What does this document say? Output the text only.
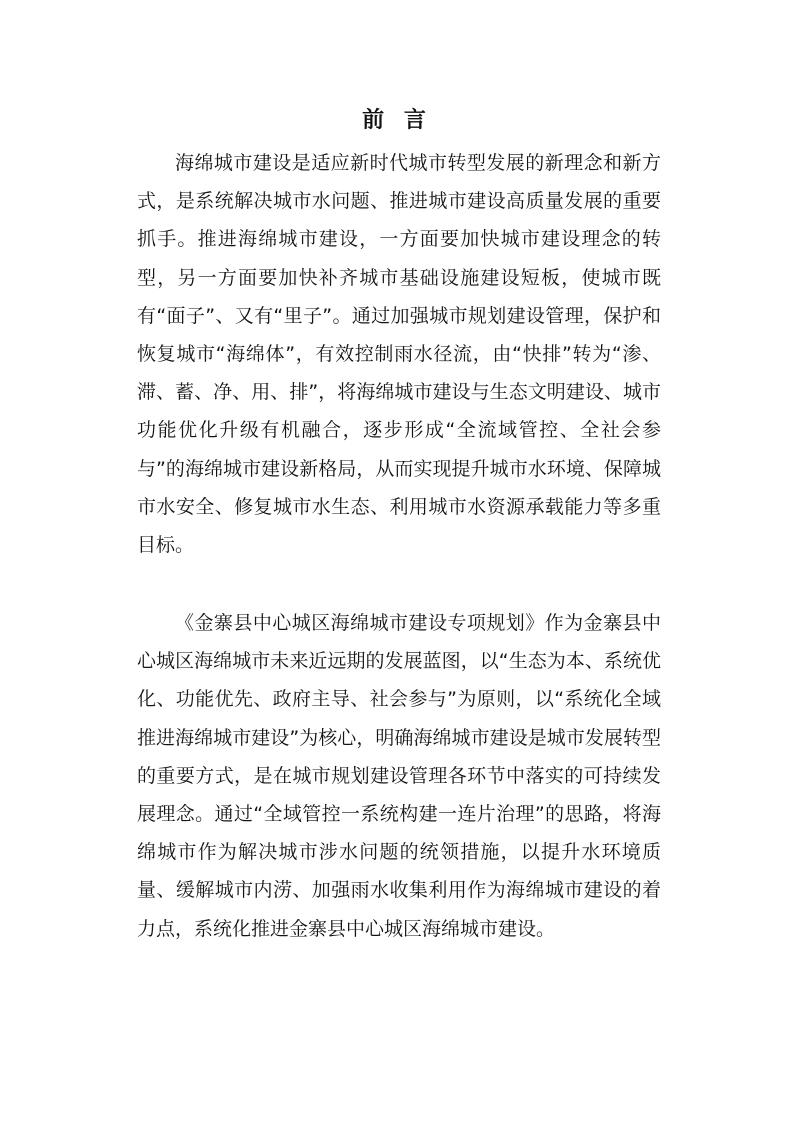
前 言

海绵城市建设是适应新时代城市转型发展的新理念和新方式，是系统解决城市水问题、推进城市建设高质量发展的重要抓手。推进海绵城市建设，一方面要加快城市建设理念的转型，另一方面要加快补齐城市基础设施建设短板，使城市既有“面子”、又有“里子”。通过加强城市规划建设管理，保护和恢复城市“海绵体”，有效控制雨水径流，由“快排”转为“渗、滞、蓄、净、用、排”，将海绵城市建设与生态文明建设、城市功能优化升级有机融合，逐步形成“全流域管控、全社会参与”的海绵城市建设新格局，从而实现提升城市水环境、保障城市水安全、修复城市水生态、利用城市水资源承载能力等多重目标。

《金寨县中心城区海绵城市建设专项规划》作为金寨县中心城区海绵城市未来近远期的发展蓝图，以“生态为本、系统优化、功能优先、政府主导、社会参与”为原则，以“系统化全域推进海绵城市建设”为核心，明确海绵城市建设是城市发展转型的重要方式，是在城市规划建设管理各环节中落实的可持续发展理念。通过“全域管控一系统构建一连片治理”的思路，将海绵城市作为解决城市涉水问题的统领措施，以提升水环境质量、缓解城市内涝、加强雨水收集利用作为海绵城市建设的着力点，系统化推进金寨县中心城区海绵城市建设。
